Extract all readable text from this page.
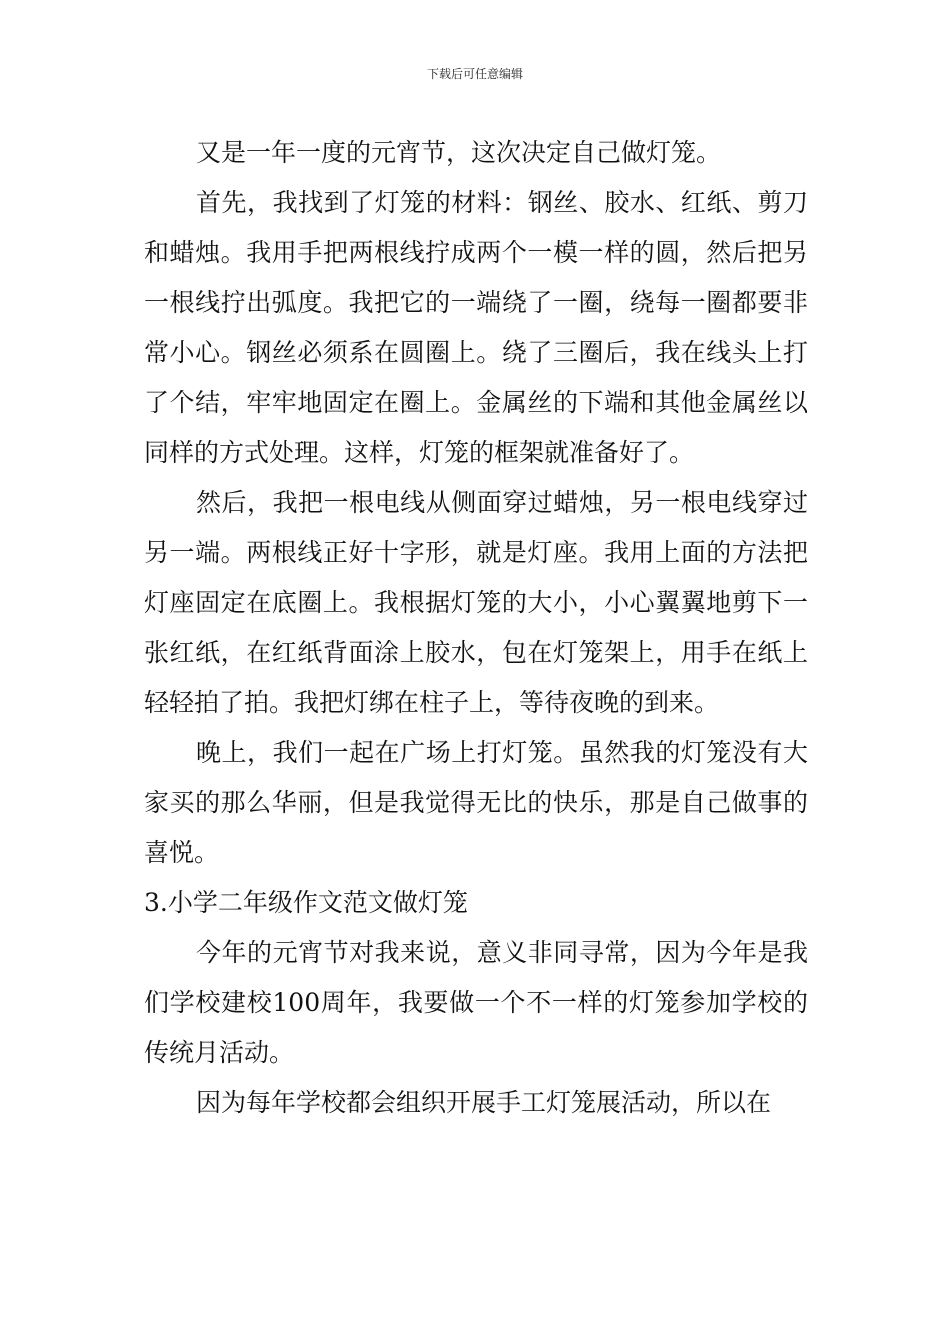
下载后可任意编辑

又是一年一度的元宵节，这次决定自己做灯笼。

首先，我找到了灯笼的材料：钢丝、胶水、红纸、剪刀和蜡烛。我用手把两根线拧成两个一模一样的圆，然后把另一根线拧出弧度。我把它的一端绕了一圈，绕每一圈都要非常小心。钢丝必须系在圆圈上。绕了三圈后，我在线头上打了个结，牢牢地固定在圈上。金属丝的下端和其他金属丝以同样的方式处理。这样，灯笼的框架就准备好了。

然后，我把一根电线从侧面穿过蜡烛，另一根电线穿过另一端。两根线正好十字形，就是灯座。我用上面的方法把灯座固定在底圈上。我根据灯笼的大小，小心翼翼地剪下一张红纸，在红纸背面涂上胶水，包在灯笼架上，用手在纸上轻轻拍了拍。我把灯绑在柱子上，等待夜晚的到来。

晚上，我们一起在广场上打灯笼。虽然我的灯笼没有大家买的那么华丽，但是我觉得无比的快乐，那是自己做事的喜悦。

3.小学二年级作文范文做灯笼

今年的元宵节对我来说，意义非同寻常，因为今年是我们学校建校100周年，我要做一个不一样的灯笼参加学校的传统月活动。

因为每年学校都会组织开展手工灯笼展活动，所以在
